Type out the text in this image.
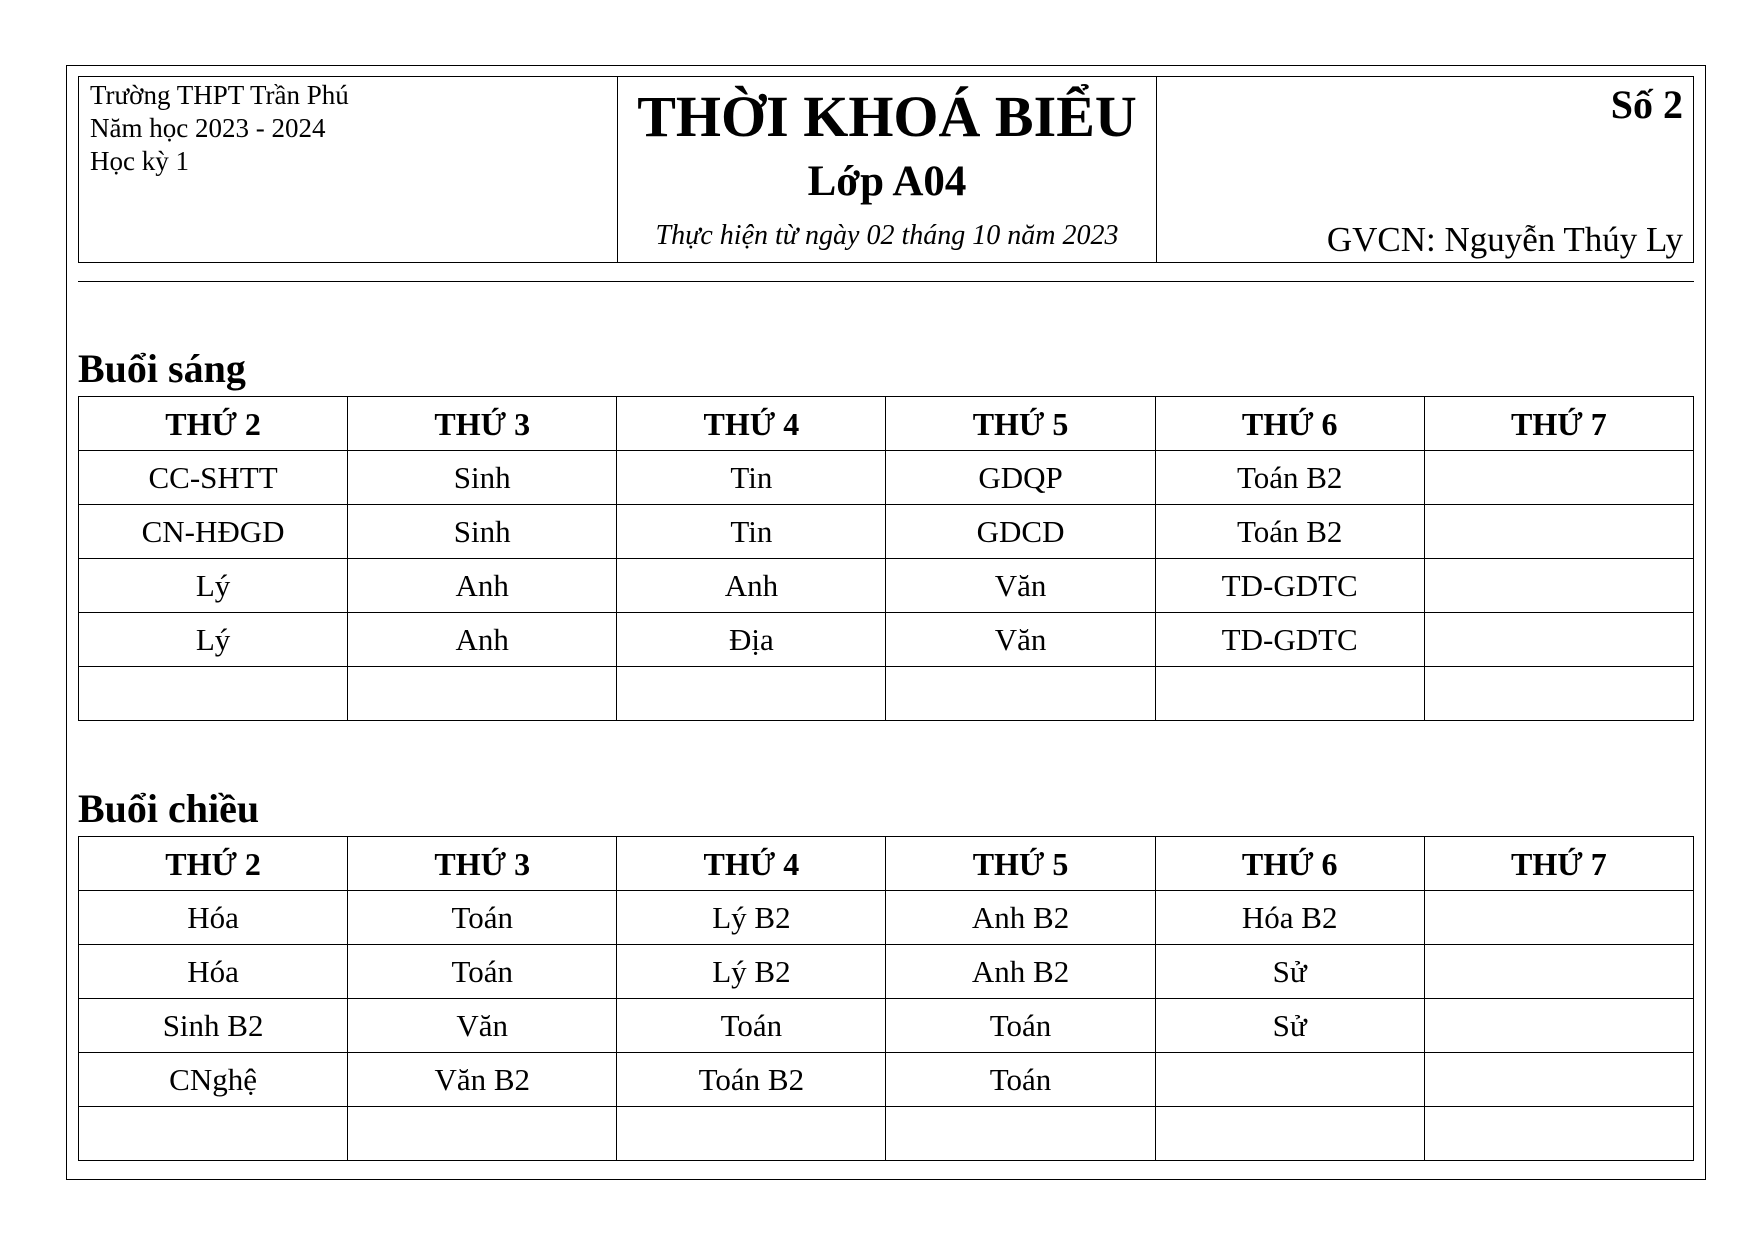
Trường THPT Trần Phú
Năm học 2023 - 2024
Học kỳ 1
THỜI KHOÁ BIỂU
Lớp A04
Thực hiện từ ngày 02 tháng 10 năm 2023
Số 2
GVCN: Nguyễn Thúy Ly
Buổi sáng
THỨ 2	THỨ 3	THỨ 4	THỨ 5	THỨ 6	THỨ 7
CC-SHTT	Sinh	Tin	GDQP	Toán B2	
CN-HĐGD	Sinh	Tin	GDCD	Toán B2	
Lý	Anh	Anh	Văn	TD-GDTC	
Lý	Anh	Địa	Văn	TD-GDTC	

Buổi chiều
THỨ 2	THỨ 3	THỨ 4	THỨ 5	THỨ 6	THỨ 7
Hóa	Toán	Lý B2	Anh B2	Hóa B2	
Hóa	Toán	Lý B2	Anh B2	Sử	
Sinh B2	Văn	Toán	Toán	Sử	
CNghệ	Văn B2	Toán B2	Toán		
